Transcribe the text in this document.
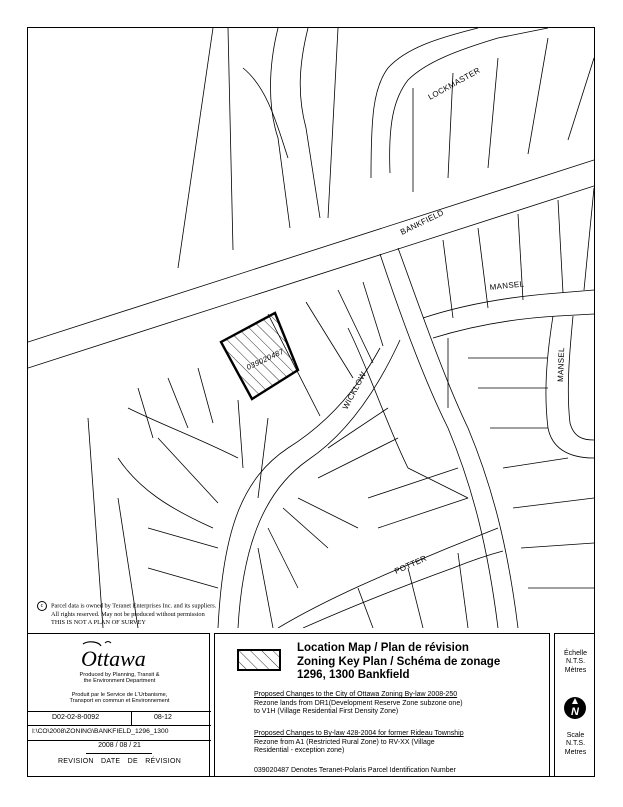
LOCKMASTER
BANKFIELD
MANSEL
MANSEL
WICKLOW
POTTER
039020487
c Parcel data is owned by Teranet Enterprises Inc. and its suppliers.
All rights reserved. May not be produced without permission
THIS IS NOT A PLAN OF SURVEY
Ottawa
Produced by Planning, Transit &
the Environment Department
Produit par le Service de L'Urbanisme,
Transport en commun et Environnement
D02-02-8-0092	08-12
I:\CO\2008\ZONING\BANKFIELD_1296_1300
2008 / 08 / 21
REVISION DATE DE RÉVISION
Location Map / Plan de révision
Zoning Key Plan / Schéma de zonage
1296, 1300 Bankfield
Proposed Changes to the City of Ottawa Zoning By-law 2008-250
Rezone lands from DR1(Development Reserve Zone subzone one)
to V1H (Village Residential First Density Zone)
Proposed Changes to By-law 428-2004 for former Rideau Township
Rezone from A1 (Restricted Rural Zone) to RV-XX (Village
Residential - exception zone)
039020487 Denotes Teranet-Polaris Parcel Identification Number
Échelle
N.T.S.
Mètres
N
Scale
N.T.S.
Metres
